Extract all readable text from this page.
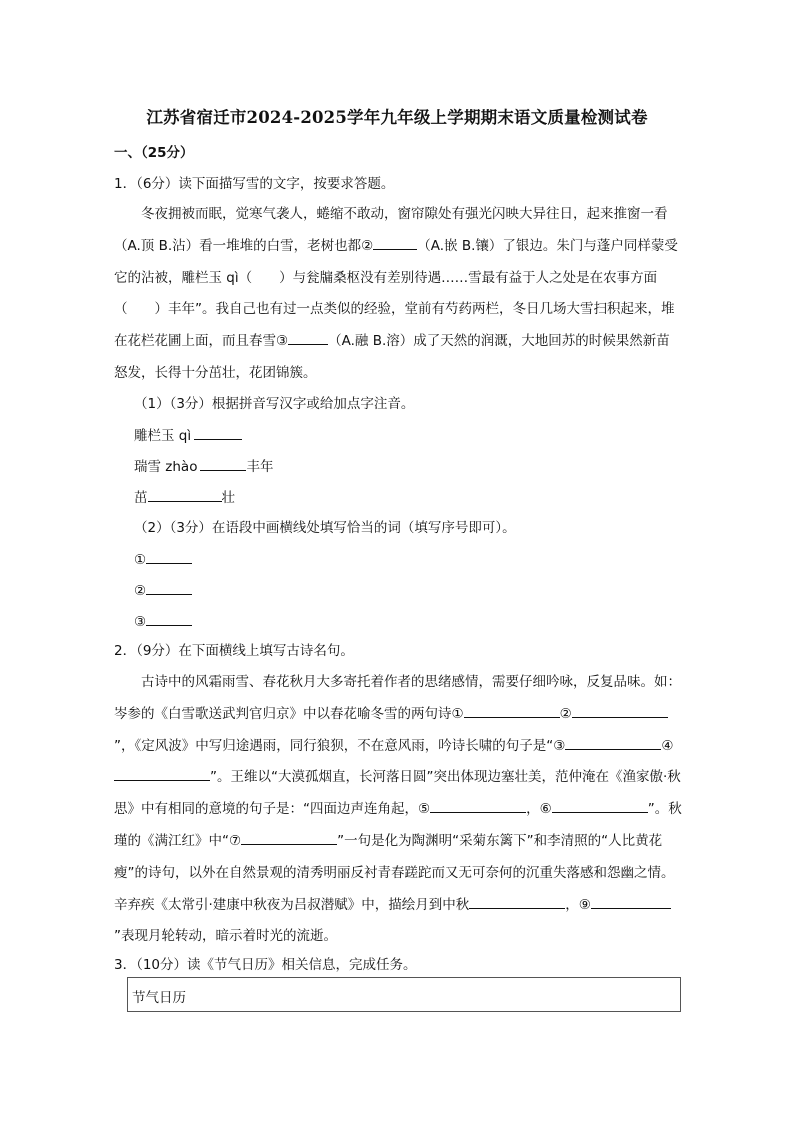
江苏省宿迁市2024-2025学年九年级上学期期末语文质量检测试卷
一、（25分）
1．（6分）读下面描写雪的文字，按要求答题。
冬夜拥被而眠，觉寒气袭人，蜷缩不敢动，窗帘隙处有强光闪映大异往日，起来推窗一看（A.顶 B.沾）看一堆堆的白雪，老树也都②	（A.嵌 B.镶）了银边。朱门与蓬户同样蒙受它的沾被，雕栏玉 qì（　　）与瓮牖桑枢没有差别待遇……雪最有益于人之处是在农事方面（　　）丰年”。我自己也有过一点类似的经验，堂前有芍药两栏，冬日几场大雪扫积起来，堆在花栏花圃上面，而且春雪③	（A.融 B.溶）成了天然的润溉，大地回苏的时候果然新苗怒发，长得十分茁壮，花团锦簇。
（1）（3分）根据拼音写汉字或给加点字注音。
雕栏玉 qì
瑞雪 zhào	丰年
茁	壮
（2）（3分）在语段中画横线处填写恰当的词（填写序号即可）。
①
②
③
2．（9分）在下面横线上填写古诗名句。
古诗中的风霜雨雪、春花秋月大多寄托着作者的思绪感情，需要仔细吟咏，反复品味。如：岑参的《白雪歌送武判官归京》中以春花喻冬雪的两句诗①	②”，《定风波》中写归途遇雨，同行狼狈，不在意风雨，吟诗长啸的句子是“③	④”。王维以“大漠孤烟直，长河落日圆”突出体现边塞壮美，范仲淹在《渔家傲·秋思》中有相同的意境的句子是：“四面边声连角起，⑤	，⑥	”。秋瑾的《满江红》中“⑦	”一句是化为陶渊明“采菊东篱下”和李清照的“人比黄花瘦”的诗句，以外在自然景观的清秀明丽反衬青春蹉跎而又无可奈何的沉重失落感和怨幽之情。辛弃疾《太常引·建康中秋夜为吕叔潜赋》中，描绘月到中秋	，⑨”表现月轮转动，暗示着时光的流逝。
3．（10分）读《节气日历》相关信息，完成任务。
节气日历
